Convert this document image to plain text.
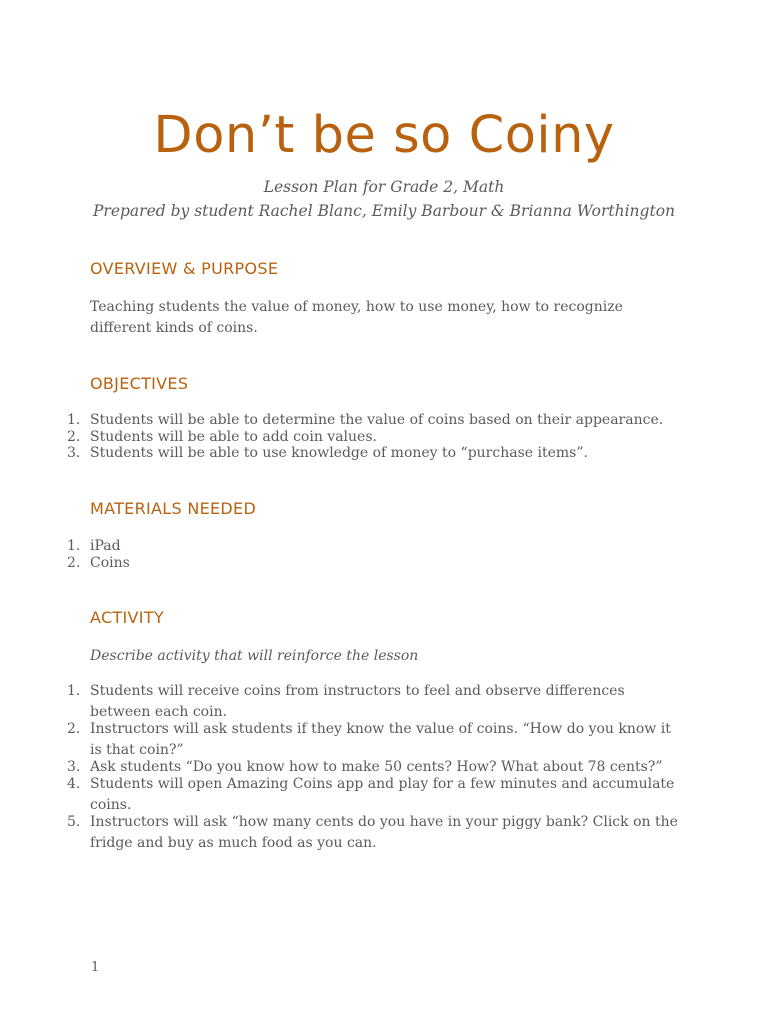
Don’t be so Coiny

Lesson Plan for Grade 2, Math

Prepared by student Rachel Blanc, Emily Barbour & Brianna Worthington

OVERVIEW & PURPOSE

Teaching students the value of money, how to use money, how to recognize different kinds of coins.

OBJECTIVES
1. Students will be able to determine the value of coins based on their appearance.
2. Students will be able to add coin values.
3. Students will be able to use knowledge of money to “purchase items”.
MATERIALS NEEDED
1. iPad
2. Coins
ACTIVITY

Describe activity that will reinforce the lesson

1. Students will receive coins from instructors to feel and observe differences between each coin.
2. Instructors will ask students if they know the value of coins. “How do you know it is that coin?”
3. Ask students “Do you know how to make 50 cents? How? What about 78 cents?”
4. Students will open Amazing Coins app and play for a few minutes and accumulate coins.
5. Instructors will ask “how many cents do you have in your piggy bank? Click on the fridge and buy as much food as you can.
1
